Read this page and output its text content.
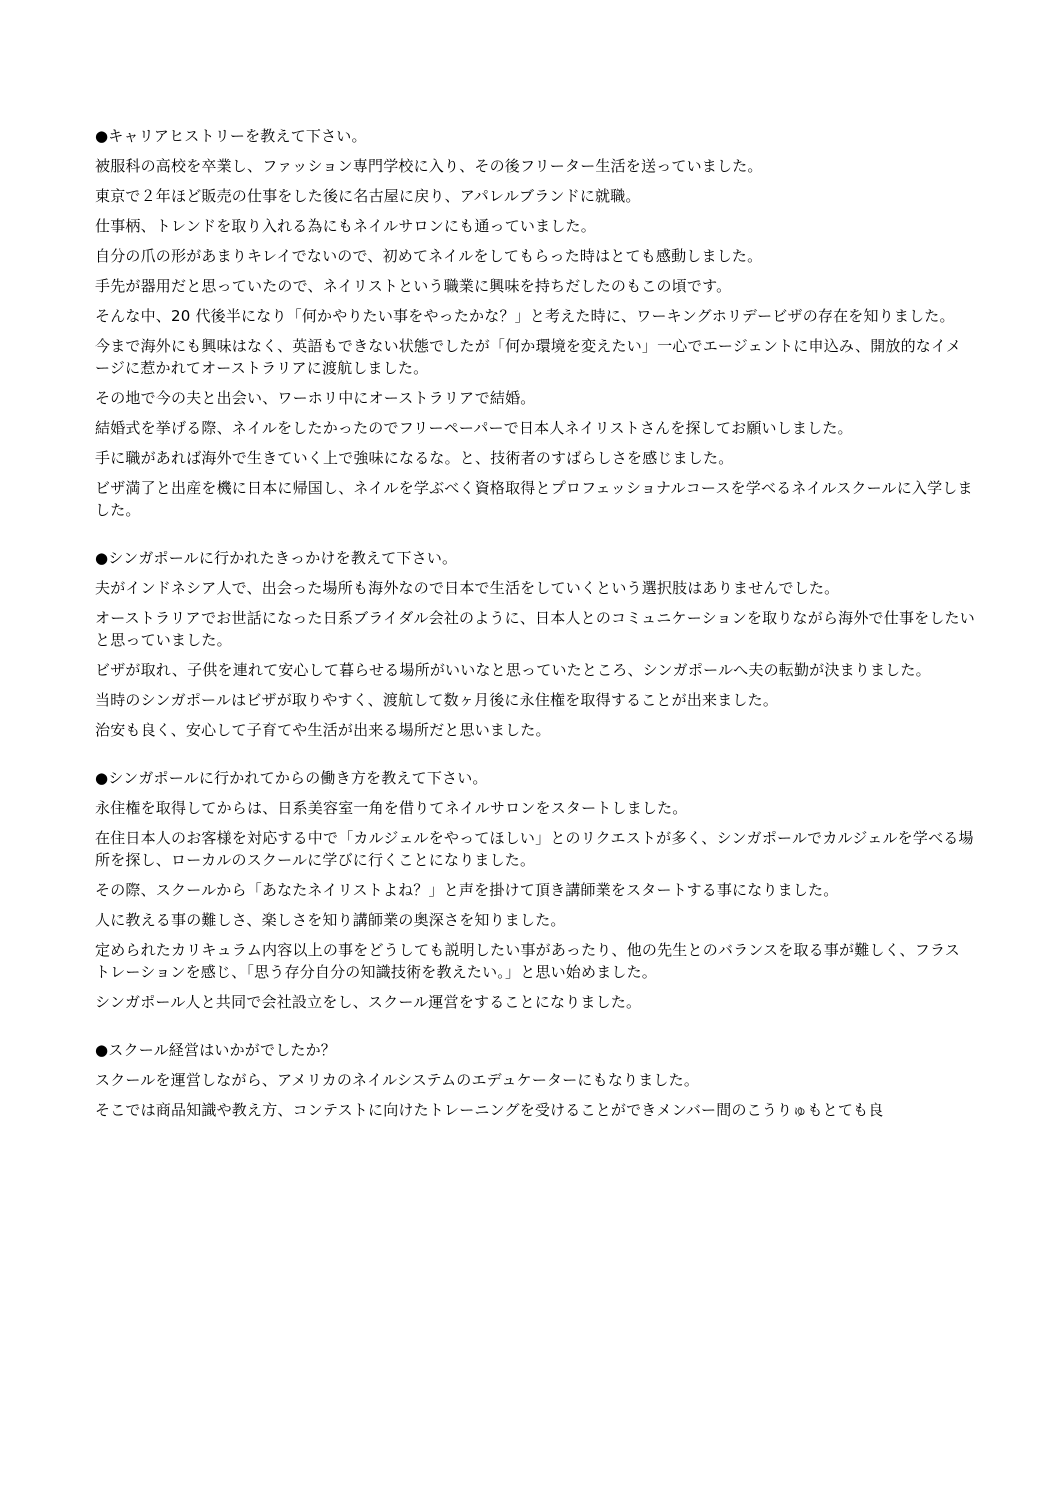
●キャリアヒストリーを教えて下さい。
被服科の高校を卒業し、ファッション専門学校に入り、その後フリーター生活を送っていました。
東京で２年ほど販売の仕事をした後に名古屋に戻り、アパレルブランドに就職。
仕事柄、トレンドを取り入れる為にもネイルサロンにも通っていました。
自分の爪の形があまりキレイでないので、初めてネイルをしてもらった時はとても感動しました。
手先が器用だと思っていたので、ネイリストという職業に興味を持ちだしたのもこの頃です。
そんな中、20 代後半になり「何かやりたい事をやったかな？」と考えた時に、ワーキングホリデービザの存在を知りました。
今まで海外にも興味はなく、英語もできない状態でしたが「何か環境を変えたい」一心でエージェントに申込み、開放的なイメージに惹かれてオーストラリアに渡航しました。
その地で今の夫と出会い、ワーホリ中にオーストラリアで結婚。
結婚式を挙げる際、ネイルをしたかったのでフリーペーパーで日本人ネイリストさんを探してお願いしました。
手に職があれば海外で生きていく上で強味になるな。と、技術者のすばらしさを感じました。
ビザ満了と出産を機に日本に帰国し、ネイルを学ぶべく資格取得とプロフェッショナルコースを学べるネイルスクールに入学しました。
●シンガポールに行かれたきっかけを教えて下さい。
夫がインドネシア人で、出会った場所も海外なので日本で生活をしていくという選択肢はありませんでした。
オーストラリアでお世話になった日系ブライダル会社のように、日本人とのコミュニケーションを取りながら海外で仕事をしたいと思っていました。
ビザが取れ、子供を連れて安心して暮らせる場所がいいなと思っていたところ、シンガポールへ夫の転勤が決まりました。
当時のシンガポールはビザが取りやすく、渡航して数ヶ月後に永住権を取得することが出来ました。
治安も良く、安心して子育てや生活が出来る場所だと思いました。
●シンガポールに行かれてからの働き方を教えて下さい。
永住権を取得してからは、日系美容室一角を借りてネイルサロンをスタートしました。
在住日本人のお客様を対応する中で「カルジェルをやってほしい」とのリクエストが多く、シンガポールでカルジェルを学べる場所を探し、ローカルのスクールに学びに行くことになりました。
その際、スクールから「あなたネイリストよね？」と声を掛けて頂き講師業をスタートする事になりました。
人に教える事の難しさ、楽しさを知り講師業の奥深さを知りました。
定められたカリキュラム内容以上の事をどうしても説明したい事があったり、他の先生とのバランスを取る事が難しく、フラストレーションを感じ、「思う存分自分の知識技術を教えたい。」と思い始めました。
シンガポール人と共同で会社設立をし、スクール運営をすることになりました。
●スクール経営はいかがでしたか？
スクールを運営しながら、アメリカのネイルシステムのエデュケーターにもなりました。
そこでは商品知識や教え方、コンテストに向けたトレーニングを受けることができメンバー間のこうりゅもとても良
